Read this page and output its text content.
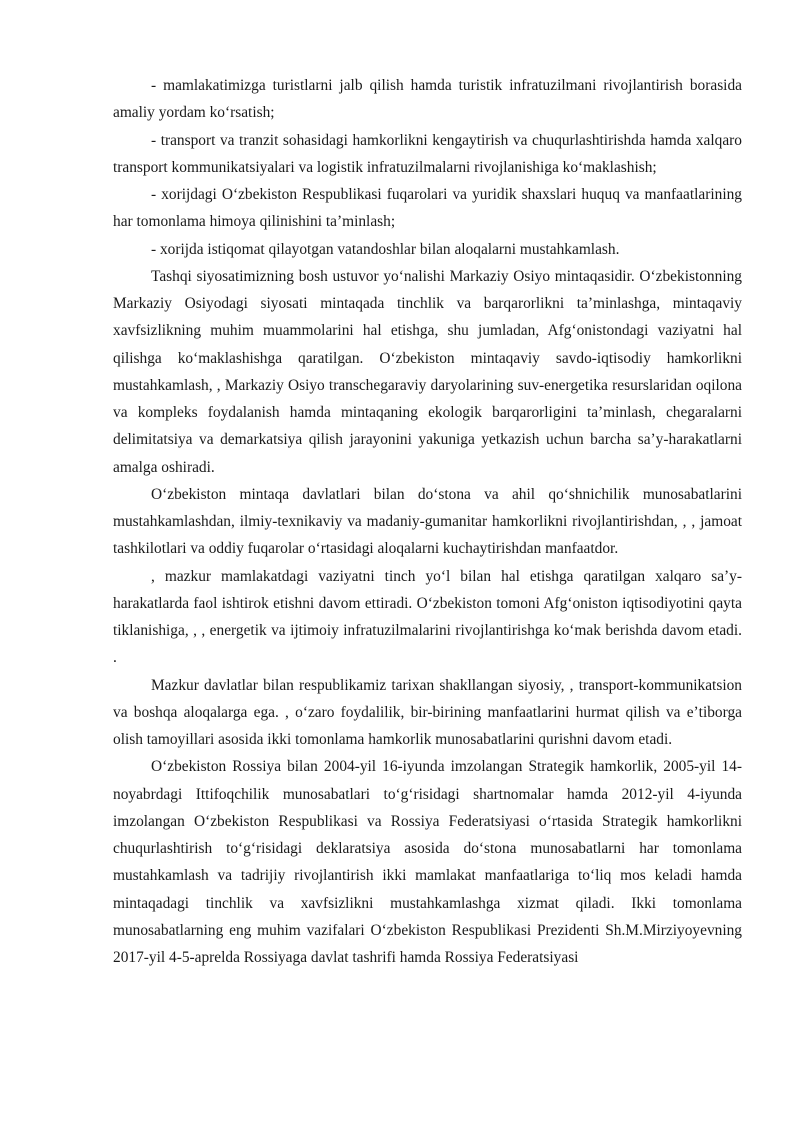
- mamlakatimizga turistlarni jalb qilish hamda turistik infratuzilmani rivojlantirish borasida amaliy yordam koʻrsatish;

- transport va tranzit sohasidagi hamkorlikni kengaytirish va chuqurlashtirishda hamda xalqaro transport kommunikatsiyalari va logistik infratuzilmalarni rivojlanishiga koʻmaklashish;

- xorijdagi Oʻzbekiston Respublikasi fuqarolari va yuridik shaxslari huquq va manfaatlarining har tomonlama himoya qilinishini taʼminlash;

- xorijda istiqomat qilayotgan vatandoshlar bilan aloqalarni mustahkamlash.

Tashqi siyosatimizning bosh ustuvor yoʻnalishi Markaziy Osiyo mintaqasidir. Oʻzbekistonning Markaziy Osiyodagi siyosati mintaqada tinchlik va barqarorlikni taʼminlashga, mintaqaviy xavfsizlikning muhim muammolarini hal etishga, shu jumladan, Afgʻonistondagi vaziyatni hal qilishga koʻmaklashishga qaratilgan. Oʻzbekiston mintaqaviy savdo-iqtisodiy hamkorlikni mustahkamlash, , Markaziy Osiyo transchegaraviy daryolarining suv-energetika resurslaridan oqilona va kompleks foydalanish hamda mintaqaning ekologik barqarorligini taʼminlash, chegaralarni delimitatsiya va demarkatsiya qilish jarayonini yakuniga yetkazish uchun barcha saʼy-harakatlarni amalga oshiradi.

Oʻzbekiston mintaqa davlatlari bilan doʻstona va ahil qoʻshnichilik munosabatlarini mustahkamlashdan, ilmiy-texnikaviy va madaniy-gumanitar hamkorlikni rivojlantirishdan, , , jamoat tashkilotlari va oddiy fuqarolar oʻrtasidagi aloqalarni kuchaytirishdan manfaatdor.

, mazkur mamlakatdagi vaziyatni tinch yoʻl bilan hal etishga qaratilgan xalqaro saʼy-harakatlarda faol ishtirok etishni davom ettiradi. Oʻzbekiston tomoni Afgʻoniston iqtisodiyotini qayta tiklanishiga, , , energetik va ijtimoiy infratuzilmalarini rivojlantirishga koʻmak berishda davom etadi. .

Mazkur davlatlar bilan respublikamiz tarixan shakllangan siyosiy, , transport-kommunikatsion va boshqa aloqalarga ega. , oʻzaro foydalilik, bir-birining manfaatlarini hurmat qilish va eʼtiborga olish tamoyillari asosida ikki tomonlama hamkorlik munosabatlarini qurishni davom etadi.

Oʻzbekiston Rossiya bilan 2004-yil 16-iyunda imzolangan Strategik hamkorlik, 2005-yil 14-noyabrdagi Ittifoqchilik munosabatlari toʻgʻrisidagi shartnomalar hamda 2012-yil 4-iyunda imzolangan Oʻzbekiston Respublikasi va Rossiya Federatsiyasi oʻrtasida Strategik hamkorlikni chuqurlashtirish toʻgʻrisidagi deklaratsiya asosida doʻstona munosabatlarni har tomonlama mustahkamlash va tadrijiy rivojlantirish ikki mamlakat manfaatlariga toʻliq mos keladi hamda mintaqadagi tinchlik va xavfsizlikni mustahkamlashga xizmat qiladi. Ikki tomonlama munosabatlarning eng muhim vazifalari Oʻzbekiston Respublikasi Prezidenti Sh.M.Mirziyoyevning 2017-yil 4-5-aprelda Rossiyaga davlat tashrifi hamda Rossiya Federatsiyasi
